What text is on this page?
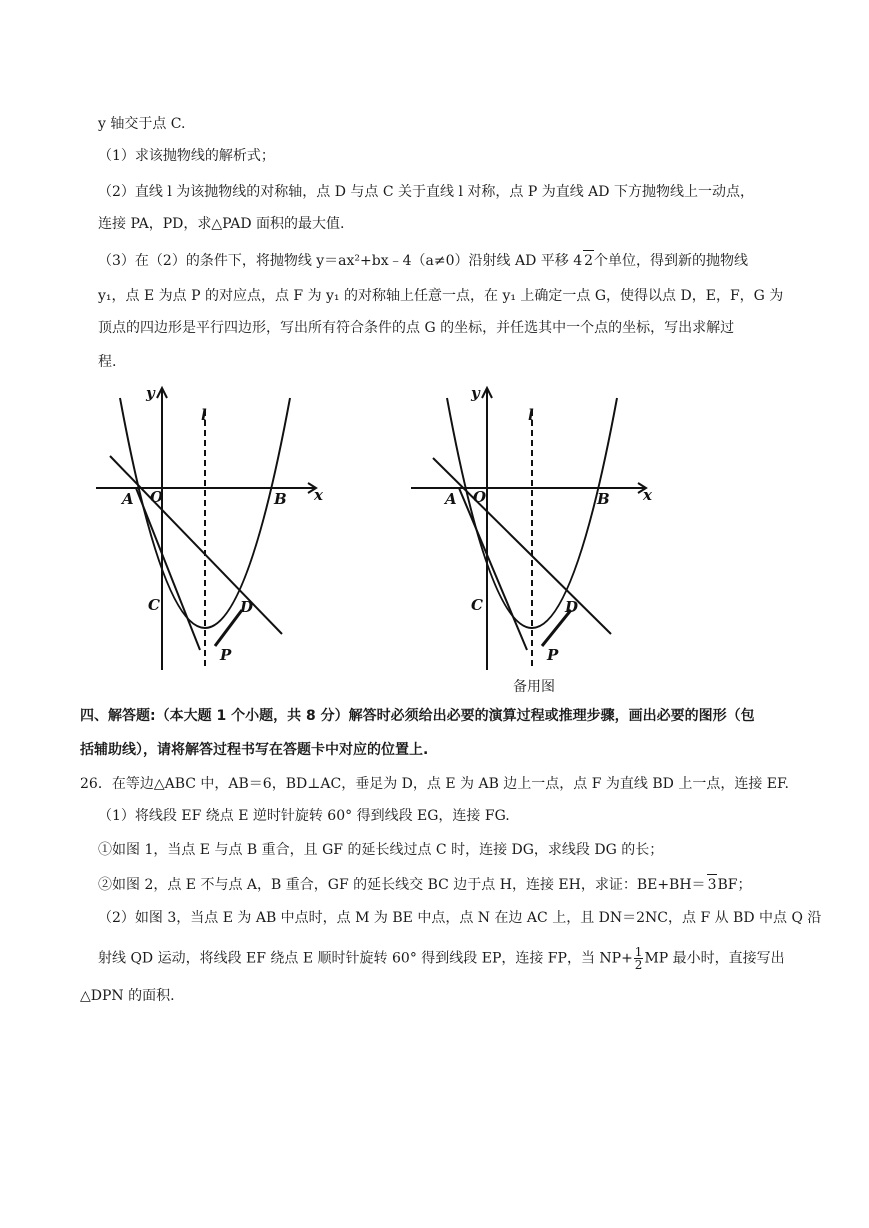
y 轴交于点 C.
（1）求该抛物线的解析式；
（2）直线 l 为该抛物线的对称轴，点 D 与点 C 关于直线 l 对称，点 P 为直线 AD 下方抛物线上一动点，
连接 PA，PD，求△PAD 面积的最大值.
（3）在（2）的条件下，将抛物线 y＝ax²+bx﹣4（a≠0）沿射线 AD 平移 4 2个单位，得到新的抛物线
y₁，点 E 为点 P 的对应点，点 F 为 y₁ 的对称轴上任意一点，在 y₁ 上确定一点 G，使得以点 D，E，F，G 为
顶点的四边形是平行四边形，写出所有符合条件的点 G 的坐标，并任选其中一个点的坐标，写出求解过
程.
y
x
l
A O	B
C	D
P
y
x
l
A O	B
C	D
P
备用图
四、解答题:（本大题 1 个小题，共 8 分）解答时必须给出必要的演算过程或推理步骤，画出必要的图形（包
括辅助线），请将解答过程书写在答题卡中对应的位置上.
26．在等边△ABC 中，AB＝6，BD⊥AC，垂足为 D，点 E 为 AB 边上一点，点 F 为直线 BD 上一点，连接 EF.
（1）将线段 EF 绕点 E 逆时针旋转 60° 得到线段 EG，连接 FG.
①如图 1，当点 E 与点 B 重合，且 GF 的延长线过点 C 时，连接 DG，求线段 DG 的长；
②如图 2，点 E 不与点 A，B 重合，GF 的延长线交 BC 边于点 H，连接 EH，求证：BE+BH＝ 3BF；
（2）如图 3，当点 E 为 AB 中点时，点 M 为 BE 中点，点 N 在边 AC 上，且 DN＝2NC，点 F 从 BD 中点 Q 沿
射线 QD 运动，将线段 EF 绕点 E 顺时针旋转 60° 得到线段 EP，连接 FP，当 $NP+ \frac{1}{2}$ MP 最小时，直接写出
△DPN 的面积.
